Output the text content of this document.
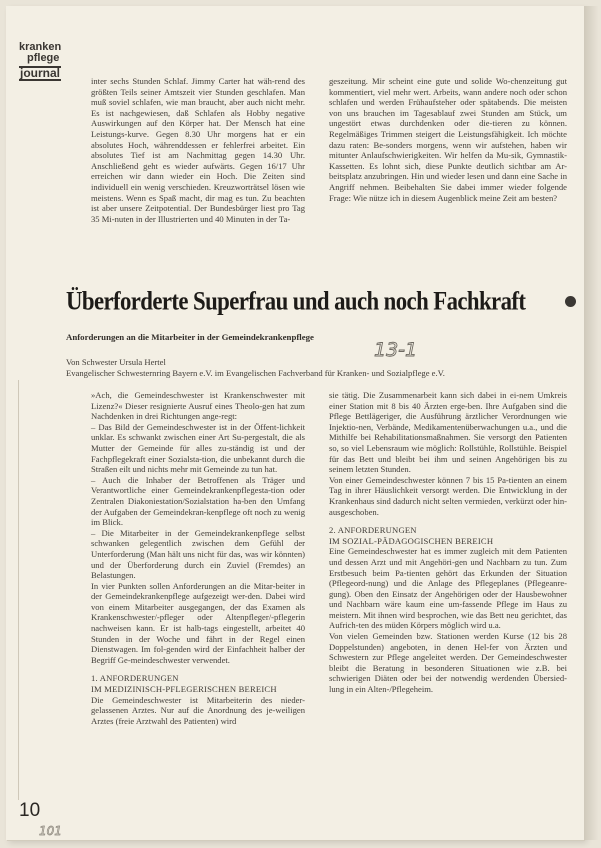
kranken
pflege
journal

inter sechs Stunden Schlaf. Jimmy Carter hat wäh-rend des größten Teils seiner Amtszeit vier Stunden geschlafen. Man muß soviel schlafen, wie man braucht, aber auch nicht mehr. Es ist nachgewiesen, daß Schlafen als Hobby negative Auswirkungen auf den Körper hat. Der Mensch hat eine Leistungs-kurve. Gegen 8.30 Uhr morgens hat er ein absolutes Hoch, währenddessen er fehlerfrei arbeitet. Ein absolutes Tief ist am Nachmittag gegen 14.30 Uhr. Anschließend geht es wieder aufwärts. Gegen 16/17 Uhr erreichen wir dann wieder ein Hoch. Die Zeiten sind individuell ein wenig verschieden. Kreuzworträtsel lösen wie meistens. Wenn es Spaß macht, dir mag es tun. Zu beachten ist aber unsere Zeitpotential. Der Bundesbürger liest pro Tag 35 Mi-nuten in der Illustrierten und 40 Minuten in der Ta-

geszeitung. Mir scheint eine gute und solide Wo-chenzeitung gut kommentiert, viel mehr wert. Arbeits, wann andere noch oder schon schlafen und werden Frühaufsteher oder spätabends. Die meisten von uns brauchen im Tagesablauf zwei Stunden am Stück, um ungestört etwas durchdenken oder die-tieren zu können. Regelmäßiges Trimmen steigert die Leistungsfähigkeit. Ich möchte dazu raten: Be-sonders morgens, wenn wir aufstehen, haben wir mitunter Anlaufschwierigkeiten. Wir helfen da Mu-sik, Gymnastik-Kassetten. Es lohnt sich, diese Punkte deutlich sichtbar am Ar-beitsplatz anzubringen. Hin und wieder lesen und dann eine Sache in Angriff nehmen. Beibehalten Sie dabei immer wieder folgende Frage: Wie nütze ich in diesem Augenblick meine Zeit am besten?

Überforderte Superfrau und auch noch Fachkraft
Anforderungen an die Mitarbeiter in der Gemeindekrankenpflege
13-1
Von Schwester Ursula Hertel
Evangelischer Schwesternring Bayern e.V. im Evangelischen Fachverband für Kranken- und Sozialpflege e.V.

»Ach, die Gemeindeschwester ist Krankenschwester mit Lizenz?« Dieser resignierte Ausruf eines Theolo-gen hat zum Nachdenken in drei Richtungen ange-regt:

– Das Bild der Gemeindeschwester ist in der Öffent-lichkeit unklar. Es schwankt zwischen einer Art Su-pergestalt, die als Mutter der Gemeinde für alles zu-ständig ist und der Fachpflegekraft einer Sozialsta-tion, die unbekannt durch die Straßen eilt und nichts mehr mit Gemeinde zu tun hat.

– Auch die Inhaber der Betroffenen als Träger und Verantwortliche einer Gemeindekrankenpflegesta-tion oder Zentralen Diakoniestation/Sozialstation ha-ben den Umfang der Aufgaben der Gemeindekran-kenpflege oft noch zu wenig im Blick.

– Die Mitarbeiter in der Gemeindekrankenpflege selbst schwanken gelegentlich zwischen dem Gefühl der Unterforderung (Man hält uns nicht für das, was wir könnten) und der Überforderung durch ein Zuviel (Fremdes) an Belastungen.

In vier Punkten sollen Anforderungen an die Mitar-beiter in der Gemeindekrankenpflege aufgezeigt wer-den. Dabei wird von einem Mitarbeiter ausgegangen, der das Examen als Krankenschwester/-pfleger oder Altenpfleger/-pflegerin nachweisen kann. Er ist halb-tags eingestellt, arbeitet 40 Stunden in der Woche und fährt in der Regel einen Dienstwagen. Im fol-genden wird der Einfachheit halber der Begriff Ge-meindeschwester verwendet.

1. ANFORDERUNGEN
IM MEDIZINISCH-PFLEGERISCHEN BEREICH

Die Gemeindeschwester ist Mitarbeiterin des nieder-gelassenen Arztes. Nur auf die Anordnung des je-weiligen Arztes (freie Arztwahl des Patienten) wird

sie tätig. Die Zusammenarbeit kann sich dabei in ei-nem Umkreis einer Station mit 8 bis 40 Ärzten erge-ben. Ihre Aufgaben sind die Pflege Bettlägeriger, die Ausführung ärztlicher Verordnungen wie Injektio-nen, Verbände, Medikamentenüberwachungen u.a., und die Mithilfe bei Rehabilitationsmaßnahmen. Sie versorgt den Patienten so, so viel Lebensraum wie möglich: Rollstühle, Rollstühle. Beispiel für das Bett und bleibt bei ihm und seinen Angehörigen bis zu seinem letzten Stunden.

Von einer Gemeindeschwester können 7 bis 15 Pa-tienten an einem Tag in ihrer Häuslichkeit versorgt werden. Die Entwicklung in der Krankenhaus sind dadurch nicht selten vermieden, verkürzt oder hin-ausgeschoben.

2. ANFORDERUNGEN
IM SOZIAL-PÄDAGOGISCHEN BEREICH

Eine Gemeindeschwester hat es immer zugleich mit dem Patienten und dessen Arzt und mit Angehöri-gen und Nachbarn zu tun. Zum Erstbesuch beim Pa-tienten gehört das Erkunden der Situation (Pflegeord-nung) und die Anlage des Pflegeplanes (Pflegeanre-gung). Oben den Einsatz der Angehörigen oder der Hausbewohner und Nachbarn wäre kaum eine um-fassende Pflege im Haus zu meistern. Mit ihnen wird besprochen, wie das Bett neu gerichtet, das Aufrich-ten des müden Körpers möglich wird u.a.

Von vielen Gemeinden bzw. Stationen werden Kurse (12 bis 28 Doppelstunden) angeboten, in denen Hel-fer von Ärzten und Schwestern zur Pflege angeleitet werden. Der Gemeindeschwester bleibt die Beratung in besonderen Situationen wie z.B. bei schwierigen Diäten oder bei der notwendig werdenden Übersied-lung in ein Alten-/Pflegeheim.

10
101
